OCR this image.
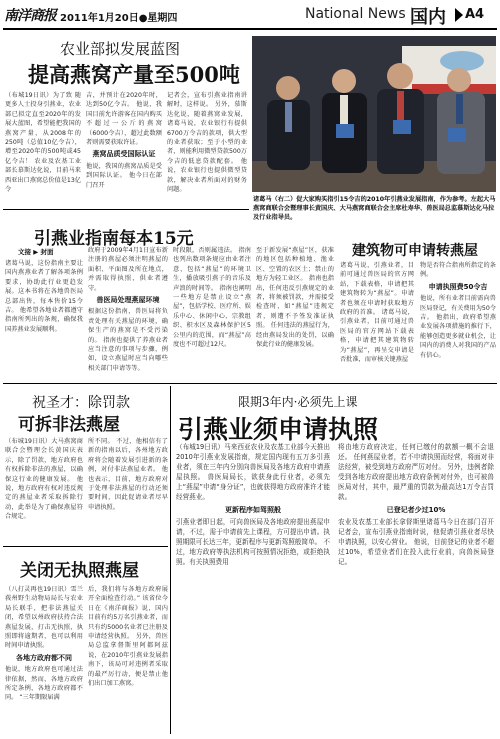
南洋商报 2011年1月20日●星期四	National News 国内 A4
农业部拟发展蓝图
提高燕窝产量至500吨

（布城19日讯）为了致 随更多人士投身引燕业，农业部已拟定直至2020年的发展大蓝图，希望能把我国的燕窝产量，从2008年的250吨（总值10亿令吉），增至2020年的500吨或45亿令吉！ 农业及农基工业部长慕斯达化说，目前马来西亚出口燕窝总价值是13亿令

吉，并预计在2020年时，达到50亿令吉。 他说，我国目前允许游客在国内购买不超过一公斤的燕窝（6000令吉），超过此数额者则需要获取许证。

燕窝品质受国际认证

他说，我国的燕窝品质是受到国际认证。 他今日在部门召开

记者会，宣布引燕业指南讲解时，这样说。 另外，慕斯达化说，随着燕窝业发展，诸葛马说，农业银行有提供6700万令吉的款项，供大型的业者获取；至于小型的业者，则能利用微型贷款500万令吉的低息贷款配套。 他说，农业银行也提供微型贷款，解决业者所面对的财务问题。

诸葛马（右二）促大家购买指引15令吉的2010年引燕业发展指南，作为参考。左起大马燕窝商联合会暨理事长黄国庆、大马燕窝商联合会主席杜寿华、兽医局总监慕斯达化马拉及行业指导员。
引燕业指南每本15元
文接 ▶ 封面

诸葛马说，这份指南主要让国内燕燕业者了解各项条例要求，协助此行业更趋发展。这本书将在各地兽医局总部出售，每本售价15令吉。 他希望各地业者都遵守指南所列出的条规，确保我国养燕业发展顺利。

政府于2009年4月1日宣布新注册的燕屋必须注明燕屋的面积、平面图及所在地点，并需取得执照，供业者遵守。

兽医局处理燕屋环境

根据这份指南，兽医局将负责处理有关燕屋的环境，确保生产的燕窝是不受污染的。 指南也提供了养燕业者应当注意的事项与步骤，例如，设立燕屋时应当向哪些相关部门申请等等。

时段限，否则属违法。 指南也列出数项条规应由业者注意，包括“燕屋”的环境卫生，播放吸引燕子的音乐及声浪的时间等。 指南也阐明一些地方是禁止设立“燕屋”，包括学校、医疗所、娱乐中心、休闲中心、宗教组织、积水区及森林保护区5公里内的范围，而“燕屋”高度也不可超过12尺。

至于新发展“燕屋”区，获准的地区包括种植地、渔业区、空置的农区土；禁止的地方为轻工业区。 指南也指出，任何违反引燕规定的业者，将须被罚款，并需接受检查时，如“燕屋”违规定者，则遭不予签发准证执照。 任何违法的燕屋行为，经由燕局发出的处罚，以确保此行业的健康发展。

建筑物可申请转燕屋

诸葛马说，引燕业者，目前可通过兽医局的官方网站，下载表格，申请把其建筑物转为“燕屋”。申请者也须在申请时获取地方政府的首准。 诸葛马说，引燕业者，目前可通过兽医局的官方网站下载表格，申请把其建筑物转为“燕屋”，再呈交申请是否批准，而审核关键燕屋

物是否符合指南所指定的条例。

申请执照费50令吉

他说，所有业者目前需向兽医局登记，有关费用为50令吉。 他指出，政府希望燕业发展各项措施的推行下，能够创造更多就业机会，让国内的消费人对我国的产品有信心。

祝圣才：除罚款
可拆非法燕屋

（布城19日讯）大马燕窝商联合会暨理会长黄国庆表示，除了罚款，地方政府也有权拆除非法的燕屋，以确保这行业的健康发展。 他说，地方政府有权对违反规定的燕屋业者采取拆除行动，此举是为了确保燕屋符合规定。

所不同。 不过，他相信有了新的指南以后，各州地方政府将会随着发展引进新的条例，对付非法燕屋业者。 他也表示，目前，地方政府对于处理非法燕屋的行动还须要时间，因此促请业者尽早申请执照。

限期3年内·必须先上课
引燕业须申请执照

（布城19日讯）马来西亚农业及农基工业部今天推出2010年引燕业发展指南，规定国内现有五万多引燕业者，须在三年内分别向兽医局及各地方政府申请燕屋执照。 兽医局局长，欲获身此行业者，必须先上“燕屋”申请“身分证”，也就获得地方政府准许才能经营燕业。

更新程序如驾照般

引燕业者即日起，可向兽医局及各地政府提出燕屋申请，不过，需于申请前先上课程，方可提出申请。执照期限可长达三年，更新程序与更新驾照般简单。 不过，地方政府等执法机构可按照情况拒绝，或拒绝执照。有关执照费用

将由地方政府决定，任何已缴付的款额一概不会退还。 任何燕屋业者，若不申请执照而经营，将面对非法经营，被受到地方政府严厉对付。 另外，违例者除受到各地方政府提出地方政府条例对付外，也可被兽医局对付，其中，最严重的罚款为最高达1万令吉罚款。

已登记者少过10%

农业及农基工业部长拿督斯里诸葛马今日在部门召开记者会，宣布引燕业指南时说，他促请引燕业者尽快申请执照，以安心营业。 他说，目前登记的业者不超过10%，希望业者们在投入此行业前，向兽医局登记。

关闭无执照燕屋

（八打灵再也19日讯）雪兰莪州野生动物局局长与农业局长联手，把非法燕屋关闭，希望以州政府扶持合法燕屋发展，打击无执照，执照即将逾期者，也可以利用时间申请执照。

各地方政府都不同

他说，地方政府也可通过法律依据，然而，各地方政府所定条例，各地方政府都不同。 “三年期限届满

后，我们将与各地方政府展开全面检查行动。” 该省位今日在《南洋商报》说，国内目前有约5万名引燕业者，而只有约5000名业者已注册及申请经营执照。 另外，兽医局总监拿督斯里阿都阿兹说，在2010年引燕业发展指南下，该局可对违例者采取的最严厉行动，便是禁止他们出口加工燕窝。
